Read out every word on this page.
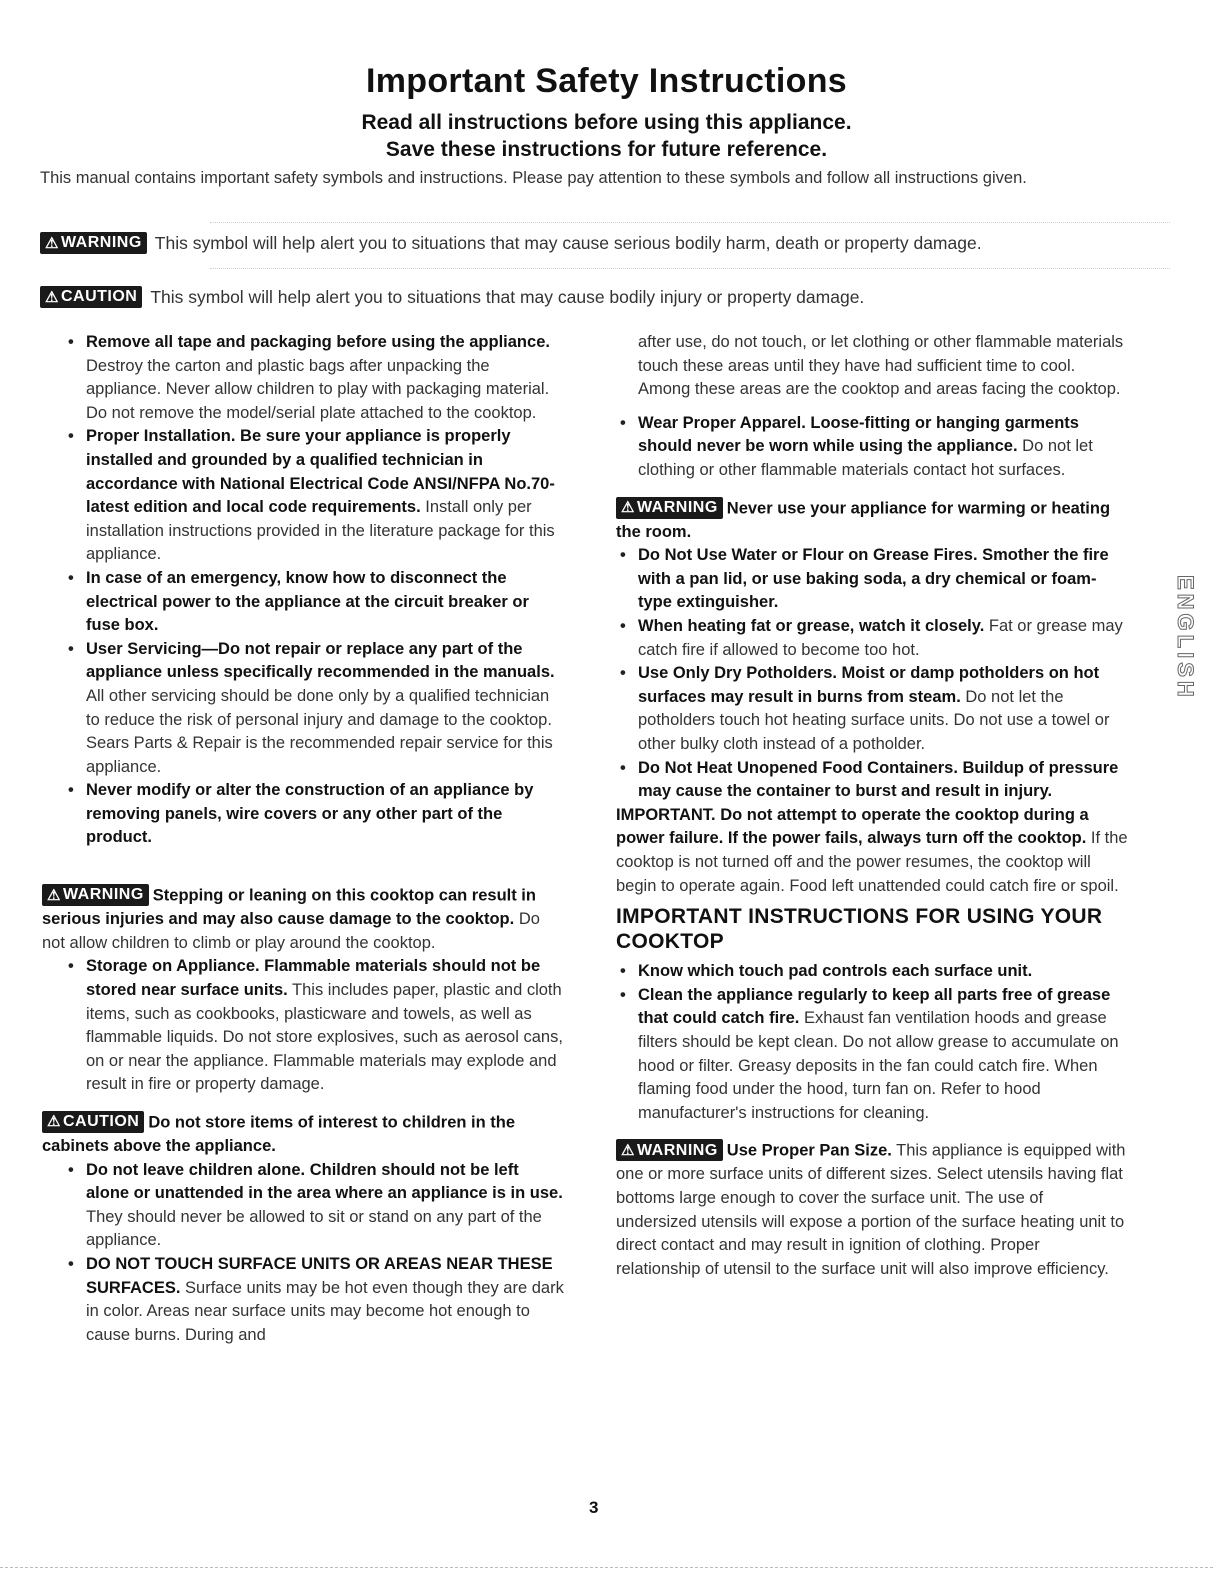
Important Safety Instructions
Read all instructions before using this appliance.
Save these instructions for future reference.
This manual contains important safety symbols and instructions. Please pay attention to these symbols and follow all instructions given.
⚠ WARNING This symbol will help alert you to situations that may cause serious bodily harm, death or property damage.
⚠ CAUTION This symbol will help alert you to situations that may cause bodily injury or property damage.

• Remove all tape and packaging before using the appliance. Destroy the carton and plastic bags after unpacking the appliance. Never allow children to play with packaging material. Do not remove the model/serial plate attached to the cooktop.

• Proper Installation. Be sure your appliance is properly installed and grounded by a qualified technician in accordance with National Electrical Code ANSI/NFPA No.70-latest edition and local code requirements. Install only per installation instructions provided in the literature package for this appliance.

• In case of an emergency, know how to disconnect the electrical power to the appliance at the circuit breaker or fuse box.

• User Servicing—Do not repair or replace any part of the appliance unless specifically recommended in the manuals. All other servicing should be done only by a qualified technician to reduce the risk of personal injury and damage to the cooktop. Sears Parts & Repair is the recommended repair service for this appliance.

• Never modify or alter the construction of an appliance by removing panels, wire covers or any other part of the product.

⚠ WARNING Stepping or leaning on this cooktop can result in serious injuries and may also cause damage to the cooktop. Do not allow children to climb or play around the cooktop.

• Storage on Appliance. Flammable materials should not be stored near surface units. This includes paper, plastic and cloth items, such as cookbooks, plasticware and towels, as well as flammable liquids. Do not store explosives, such as aerosol cans, on or near the appliance. Flammable materials may explode and result in fire or property damage.

⚠ CAUTION Do not store items of interest to children in the cabinets above the appliance.

• Do not leave children alone. Children should not be left alone or unattended in the area where an appliance is in use. They should never be allowed to sit or stand on any part of the appliance.

• DO NOT TOUCH SURFACE UNITS OR AREAS NEAR THESE SURFACES. Surface units may be hot even though they are dark in color. Areas near surface units may become hot enough to cause burns. During and

after use, do not touch, or let clothing or other flammable materials touch these areas until they have had sufficient time to cool. Among these areas are the cooktop and areas facing the cooktop.

• Wear Proper Apparel. Loose-fitting or hanging garments should never be worn while using the appliance. Do not let clothing or other flammable materials contact hot surfaces.

⚠ WARNING Never use your appliance for warming or heating the room.

• Do Not Use Water or Flour on Grease Fires. Smother the fire with a pan lid, or use baking soda, a dry chemical or foam-type extinguisher.

• When heating fat or grease, watch it closely. Fat or grease may catch fire if allowed to become too hot.

• Use Only Dry Potholders. Moist or damp potholders on hot surfaces may result in burns from steam. Do not let the potholders touch hot heating surface units. Do not use a towel or other bulky cloth instead of a potholder.

• Do Not Heat Unopened Food Containers. Buildup of pressure may cause the container to burst and result in injury.

IMPORTANT. Do not attempt to operate the cooktop during a power failure. If the power fails, always turn off the cooktop. If the cooktop is not turned off and the power resumes, the cooktop will begin to operate again. Food left unattended could catch fire or spoil.

IMPORTANT INSTRUCTIONS FOR USING YOUR COOKTOP

• Know which touch pad controls each surface unit.

• Clean the appliance regularly to keep all parts free of grease that could catch fire. Exhaust fan ventilation hoods and grease filters should be kept clean. Do not allow grease to accumulate on hood or filter. Greasy deposits in the fan could catch fire. When flaming food under the hood, turn fan on. Refer to hood manufacturer's instructions for cleaning.

⚠ WARNING Use Proper Pan Size. This appliance is equipped with one or more surface units of different sizes. Select utensils having flat bottoms large enough to cover the surface unit. The use of undersized utensils will expose a portion of the surface heating unit to direct contact and may result in ignition of clothing. Proper relationship of utensil to the surface unit will also improve efficiency.

ENGLISH
3
